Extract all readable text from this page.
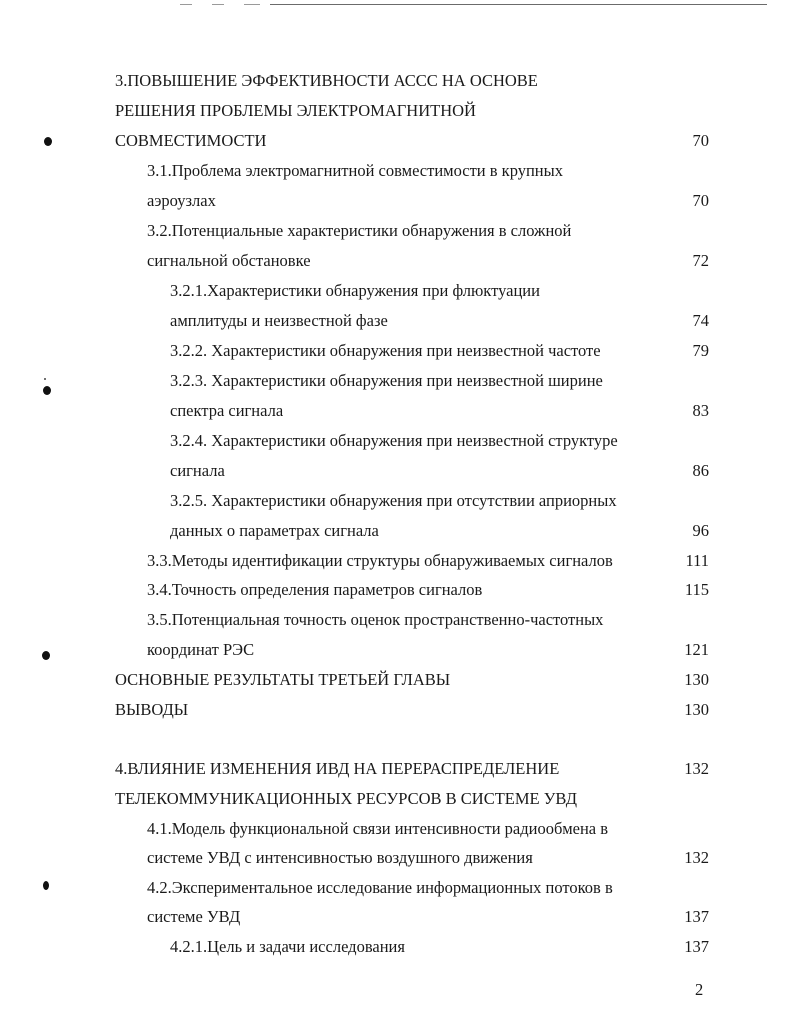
3.ПОВЫШЕНИЕ ЭФФЕКТИВНОСТИ АССС НА ОСНОВЕ
РЕШЕНИЯ ПРОБЛЕМЫ ЭЛЕКТРОМАГНИТНОЙ
СОВМЕСТИМОСТИ	70
3.1.Проблема электромагнитной совместимости в крупных
аэроузлах	70
3.2.Потенциальные характеристики обнаружения в сложной
сигнальной обстановке	72
3.2.1.Характеристики обнаружения при флюктуации
амплитуды и неизвестной фазе	74
3.2.2. Характеристики обнаружения при неизвестной частоте	79
3.2.3. Характеристики обнаружения при неизвестной ширине
спектра сигнала	83
3.2.4. Характеристики обнаружения при неизвестной структуре
сигнала	86
3.2.5. Характеристики обнаружения при отсутствии априорных
данных о параметрах сигнала	96
3.3.Методы идентификации структуры обнаруживаемых сигналов	111
3.4.Точность определения параметров сигналов	115
3.5.Потенциальная точность оценок пространственно-частотных
координат РЭС	121
ОСНОВНЫЕ РЕЗУЛЬТАТЫ ТРЕТЬЕЙ ГЛАВЫ	130
ВЫВОДЫ	130
4.ВЛИЯНИЕ ИЗМЕНЕНИЯ ИВД НА ПЕРЕРАСПРЕДЕЛЕНИЕ	132
ТЕЛЕКОММУНИКАЦИОННЫХ РЕСУРСОВ В СИСТЕМЕ УВД
4.1.Модель функциональной связи интенсивности радиообмена в
системе УВД с интенсивностью воздушного движения	132
4.2.Экспериментальное исследование информационных потоков в
системе УВД	137
4.2.1.Цель и задачи исследования	137
2
